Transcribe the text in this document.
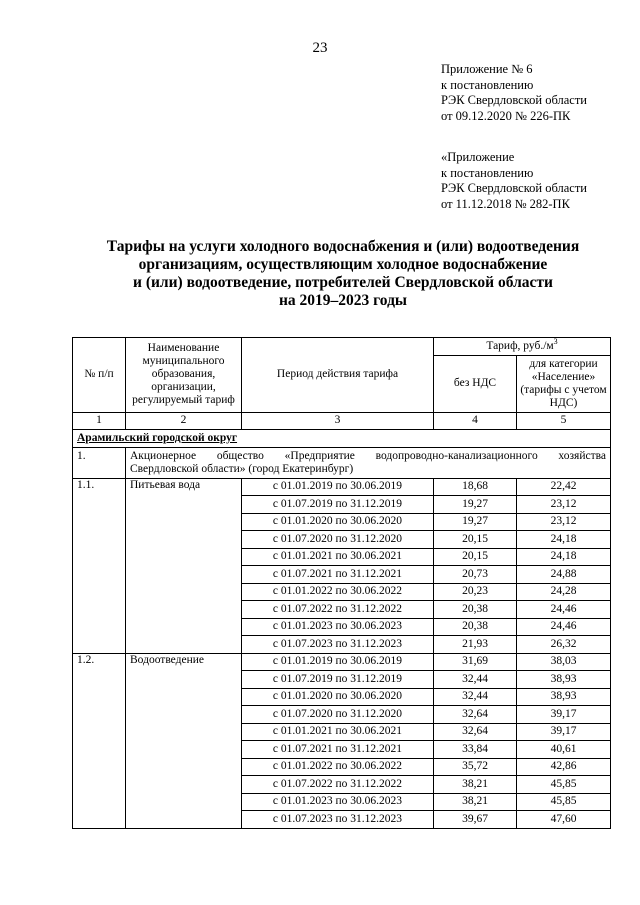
23
Приложение № 6
к постановлению
РЭК Свердловской области
от 09.12.2020 № 226-ПК
«Приложение
к постановлению
РЭК Свердловской области
от 11.12.2018 № 282-ПК
Тарифы на услуги холодного водоснабжения и (или) водоотведения
организациям, осуществляющим холодное водоснабжение
и (или) водоотведение, потребителей Свердловской области
на 2019–2023 годы
№ п/п	Наименование муниципального образования, организации, регулируемый тариф	Период действия тарифа	Тариф, $руб./м^3$
			без НДС	для категории «Население» (тарифы с учетом НДС)
1	2	3	4	5
Арамильский городской округ				
1.	Акционерное общество «Предприятие водопроводно-канализационного хозяйства
Свердловской области» (город Екатеринбург)			

1.1.	Питьевая вода	с 01.01.2019 по 30.06.2019	18,68	22,42
		с 01.07.2019 по 31.12.2019	19,27	23,12
		с 01.01.2020 по 30.06.2020	19,27	23,12
		с 01.07.2020 по 31.12.2020	20,15	24,18
		с 01.01.2021 по 30.06.2021	20,15	24,18
		с 01.07.2021 по 31.12.2021	20,73	24,88
		с 01.01.2022 по 30.06.2022	20,23	24,28
		с 01.07.2022 по 31.12.2022	20,38	24,46
		с 01.01.2023 по 30.06.2023	20,38	24,46
		с 01.07.2023 по 31.12.2023	21,93	26,32
1.2.	Водоотведение	с 01.01.2019 по 30.06.2019	31,69	38,03
		с 01.07.2019 по 31.12.2019	32,44	38,93
		с 01.01.2020 по 30.06.2020	32,44	38,93
		с 01.07.2020 по 31.12.2020	32,64	39,17
		с 01.01.2021 по 30.06.2021	32,64	39,17
		с 01.07.2021 по 31.12.2021	33,84	40,61
		с 01.01.2022 по 30.06.2022	35,72	42,86
		с 01.07.2022 по 31.12.2022	38,21	45,85
		с 01.01.2023 по 30.06.2023	38,21	45,85
		с 01.07.2023 по 31.12.2023	39,67	47,60
